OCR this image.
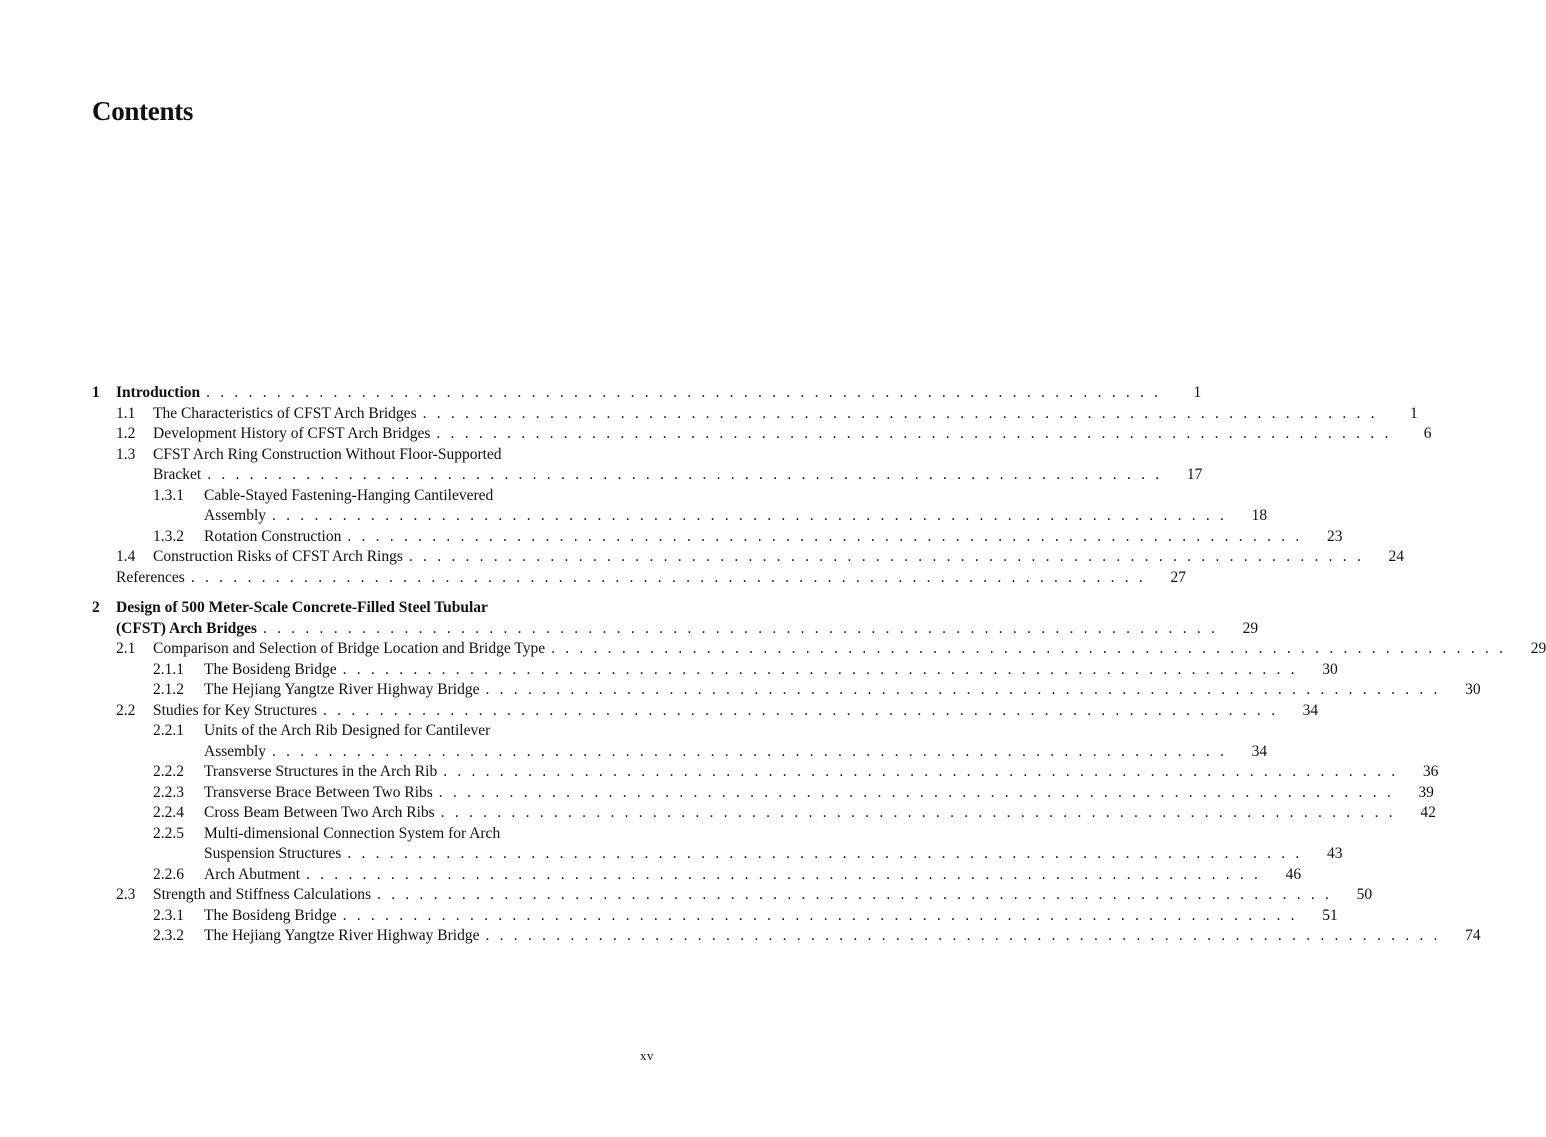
Contents
1 Introduction . . . . . . . . . . . . . . . . . . . . . . . . . . . . . . . . . . . . . . . . . . . . . . . . . . . . . . . . . . . . . . . . . . . .	1
1.1 The Characteristics of CFST Arch Bridges . . . . . . . . . . . . . . . . . . . . . . . . . . . . . . . . . . . . . . . . . . . . . . . . . . . . . . . . . . . . . . . . . . . .	1
1.2 Development History of CFST Arch Bridges . . . . . . . . . . . . . . . . . . . . . . . . . . . . . . . . . . . . . . . . . . . . . . . . . . . . . . . . . . . . . . . . . . . .	6
1.3 CFST Arch Ring Construction Without Floor-Supported
Bracket . . . . . . . . . . . . . . . . . . . . . . . . . . . . . . . . . . . . . . . . . . . . . . . . . . . . . . . . . . . . . . . . . . . .	17
1.3.1 Cable-Stayed Fastening-Hanging Cantilevered
Assembly . . . . . . . . . . . . . . . . . . . . . . . . . . . . . . . . . . . . . . . . . . . . . . . . . . . . . . . . . . . . . . . . . . . .	18
1.3.2 Rotation Construction . . . . . . . . . . . . . . . . . . . . . . . . . . . . . . . . . . . . . . . . . . . . . . . . . . . . . . . . . . . . . . . . . . . .	23
1.4 Construction Risks of CFST Arch Rings . . . . . . . . . . . . . . . . . . . . . . . . . . . . . . . . . . . . . . . . . . . . . . . . . . . . . . . . . . . . . . . . . . . .	24
References . . . . . . . . . . . . . . . . . . . . . . . . . . . . . . . . . . . . . . . . . . . . . . . . . . . . . . . . . . . . . . . . . . . .	27
2 Design of 500 Meter-Scale Concrete-Filled Steel Tubular
(CFST) Arch Bridges . . . . . . . . . . . . . . . . . . . . . . . . . . . . . . . . . . . . . . . . . . . . . . . . . . . . . . . . . . . . . . . . . . . .	29
2.1 Comparison and Selection of Bridge Location and Bridge Type . . . . . . . . . . . . . . . . . . . . . . . . . . . . . . . . . . . . . . . . . . . . . . . . . . . . . . . . . . . . . . . . . . . .	29
2.1.1 The Bosideng Bridge . . . . . . . . . . . . . . . . . . . . . . . . . . . . . . . . . . . . . . . . . . . . . . . . . . . . . . . . . . . . . . . . . . . .	30
2.1.2 The Hejiang Yangtze River Highway Bridge . . . . . . . . . . . . . . . . . . . . . . . . . . . . . . . . . . . . . . . . . . . . . . . . . . . . . . . . . . . . . . . . . . . .	30
2.2 Studies for Key Structures . . . . . . . . . . . . . . . . . . . . . . . . . . . . . . . . . . . . . . . . . . . . . . . . . . . . . . . . . . . . . . . . . . . .	34
2.2.1 Units of the Arch Rib Designed for Cantilever
Assembly . . . . . . . . . . . . . . . . . . . . . . . . . . . . . . . . . . . . . . . . . . . . . . . . . . . . . . . . . . . . . . . . . . . .	34
2.2.2 Transverse Structures in the Arch Rib . . . . . . . . . . . . . . . . . . . . . . . . . . . . . . . . . . . . . . . . . . . . . . . . . . . . . . . . . . . . . . . . . . . .	36
2.2.3 Transverse Brace Between Two Ribs . . . . . . . . . . . . . . . . . . . . . . . . . . . . . . . . . . . . . . . . . . . . . . . . . . . . . . . . . . . . . . . . . . . .	39
2.2.4 Cross Beam Between Two Arch Ribs . . . . . . . . . . . . . . . . . . . . . . . . . . . . . . . . . . . . . . . . . . . . . . . . . . . . . . . . . . . . . . . . . . . .	42
2.2.5 Multi-dimensional Connection System for Arch
Suspension Structures . . . . . . . . . . . . . . . . . . . . . . . . . . . . . . . . . . . . . . . . . . . . . . . . . . . . . . . . . . . . . . . . . . . .	43
2.2.6 Arch Abutment . . . . . . . . . . . . . . . . . . . . . . . . . . . . . . . . . . . . . . . . . . . . . . . . . . . . . . . . . . . . . . . . . . . .	46
2.3 Strength and Stiffness Calculations . . . . . . . . . . . . . . . . . . . . . . . . . . . . . . . . . . . . . . . . . . . . . . . . . . . . . . . . . . . . . . . . . . . .	50
2.3.1 The Bosideng Bridge . . . . . . . . . . . . . . . . . . . . . . . . . . . . . . . . . . . . . . . . . . . . . . . . . . . . . . . . . . . . . . . . . . . .	51
2.3.2 The Hejiang Yangtze River Highway Bridge . . . . . . . . . . . . . . . . . . . . . . . . . . . . . . . . . . . . . . . . . . . . . . . . . . . . . . . . . . . . . . . . . . . .	74
xv
